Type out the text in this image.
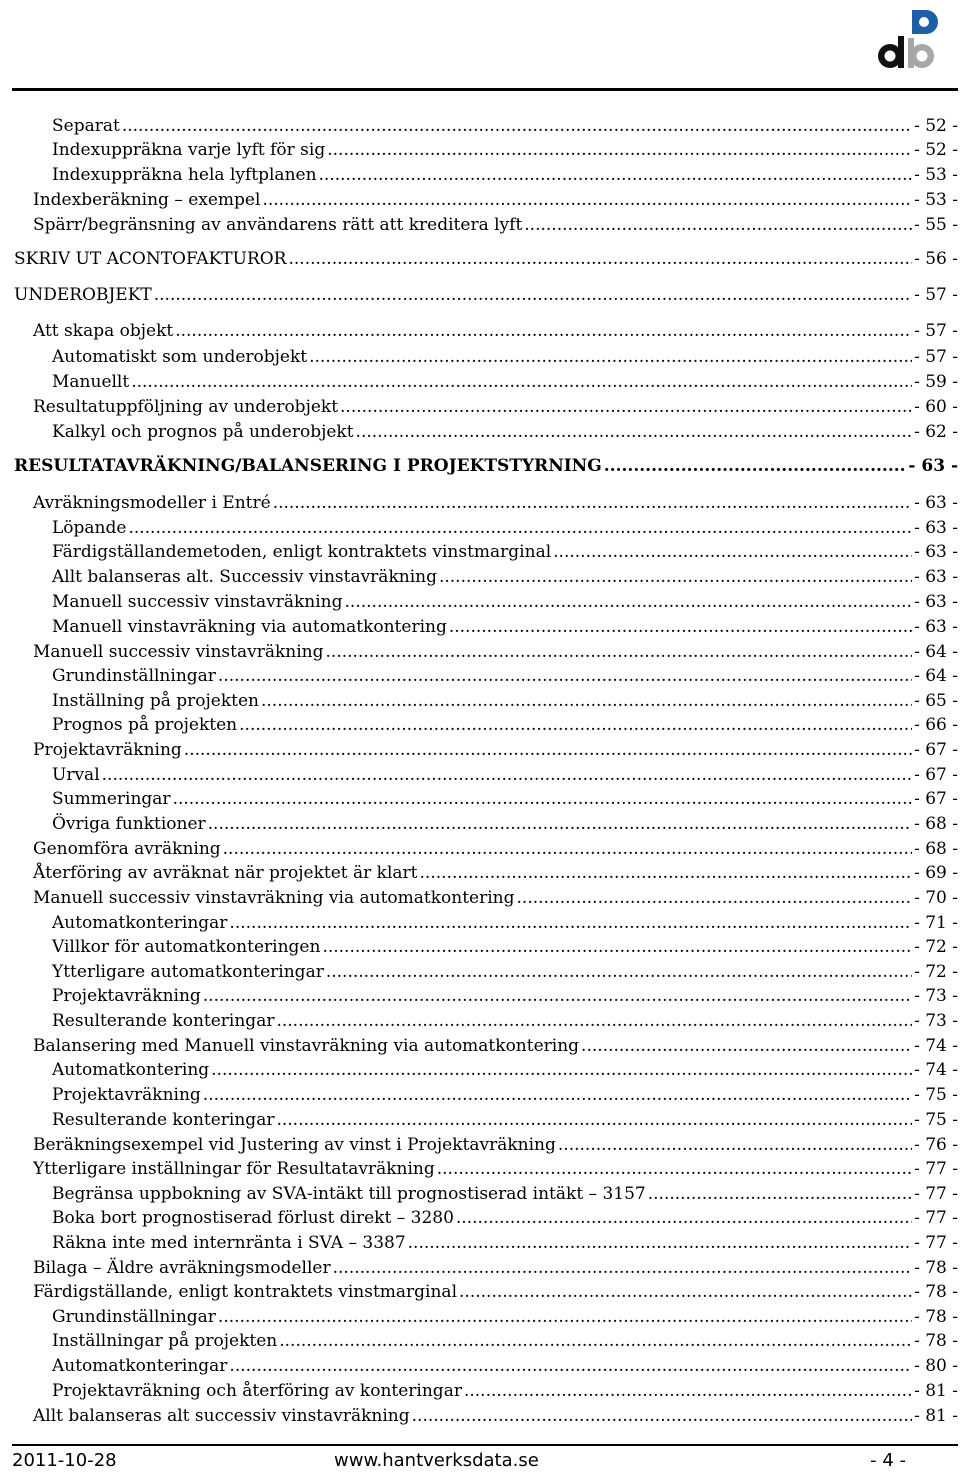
Separat .....	- 52 -
Indexuppräkna varje lyft för sig .....	- 52 -
Indexuppräkna hela lyftplanen .....	- 53 -
Indexberäkning – exempel .....	- 53 -
Spärr/begränsning av användarens rätt att kreditera lyft .....	- 55 -
SKRIV UT ACONTOFAKTUROR .....	- 56 -
UNDEROBJEKT .....	- 57 -
Att skapa objekt .....	- 57 -
Automatiskt som underobjekt .....	- 57 -
Manuellt .....	- 59 -
Resultatuppföljning av underobjekt .....	- 60 -
Kalkyl och prognos på underobjekt .....	- 62 -
RESULTATAVRÄKNING/BALANSERING I PROJEKTSTYRNING .....	- 63 -
Avräkningsmodeller i Entré .....	- 63 -
Löpande .....	- 63 -
Färdigställandemetoden, enligt kontraktets vinstmarginal .....	- 63 -
Allt balanseras alt. Successiv vinstavräkning .....	- 63 -
Manuell successiv vinstavräkning .....	- 63 -
Manuell vinstavräkning via automatkontering .....	- 63 -
Manuell successiv vinstavräkning .....	- 64 -
Grundinställningar .....	- 64 -
Inställning på projekten .....	- 65 -
Prognos på projekten .....	- 66 -
Projektavräkning .....	- 67 -
Urval .....	- 67 -
Summeringar .....	- 67 -
Övriga funktioner .....	- 68 -
Genomföra avräkning .....	- 68 -
Återföring av avräknat när projektet är klart .....	- 69 -
Manuell successiv vinstavräkning via automatkontering .....	- 70 -
Automatkonteringar .....	- 71 -
Villkor för automatkonteringen .....	- 72 -
Ytterligare automatkonteringar .....	- 72 -
Projektavräkning .....	- 73 -
Resulterande konteringar .....	- 73 -
Balansering med Manuell vinstavräkning via automatkontering .....	- 74 -
Automatkontering .....	- 74 -
Projektavräkning .....	- 75 -
Resulterande konteringar .....	- 75 -
Beräkningsexempel vid Justering av vinst i Projektavräkning .....	- 76 -
Ytterligare inställningar för Resultatavräkning .....	- 77 -
Begränsa uppbokning av SVA-intäkt till prognostiserad intäkt – 3157 .....	- 77 -
Boka bort prognostiserad förlust direkt – 3280 .....	- 77 -
Räkna inte med internränta i SVA – 3387 .....	- 77 -
Bilaga – Äldre avräkningsmodeller .....	- 78 -
Färdigställande, enligt kontraktets vinstmarginal .....	- 78 -
Grundinställningar .....	- 78 -
Inställningar på projekten .....	- 78 -
Automatkonteringar .....	- 80 -
Projektavräkning och återföring av konteringar .....	- 81 -
Allt balanseras alt successiv vinstavräkning .....	- 81 -
2011-10-28	www.hantverksdata.se	- 4 -
